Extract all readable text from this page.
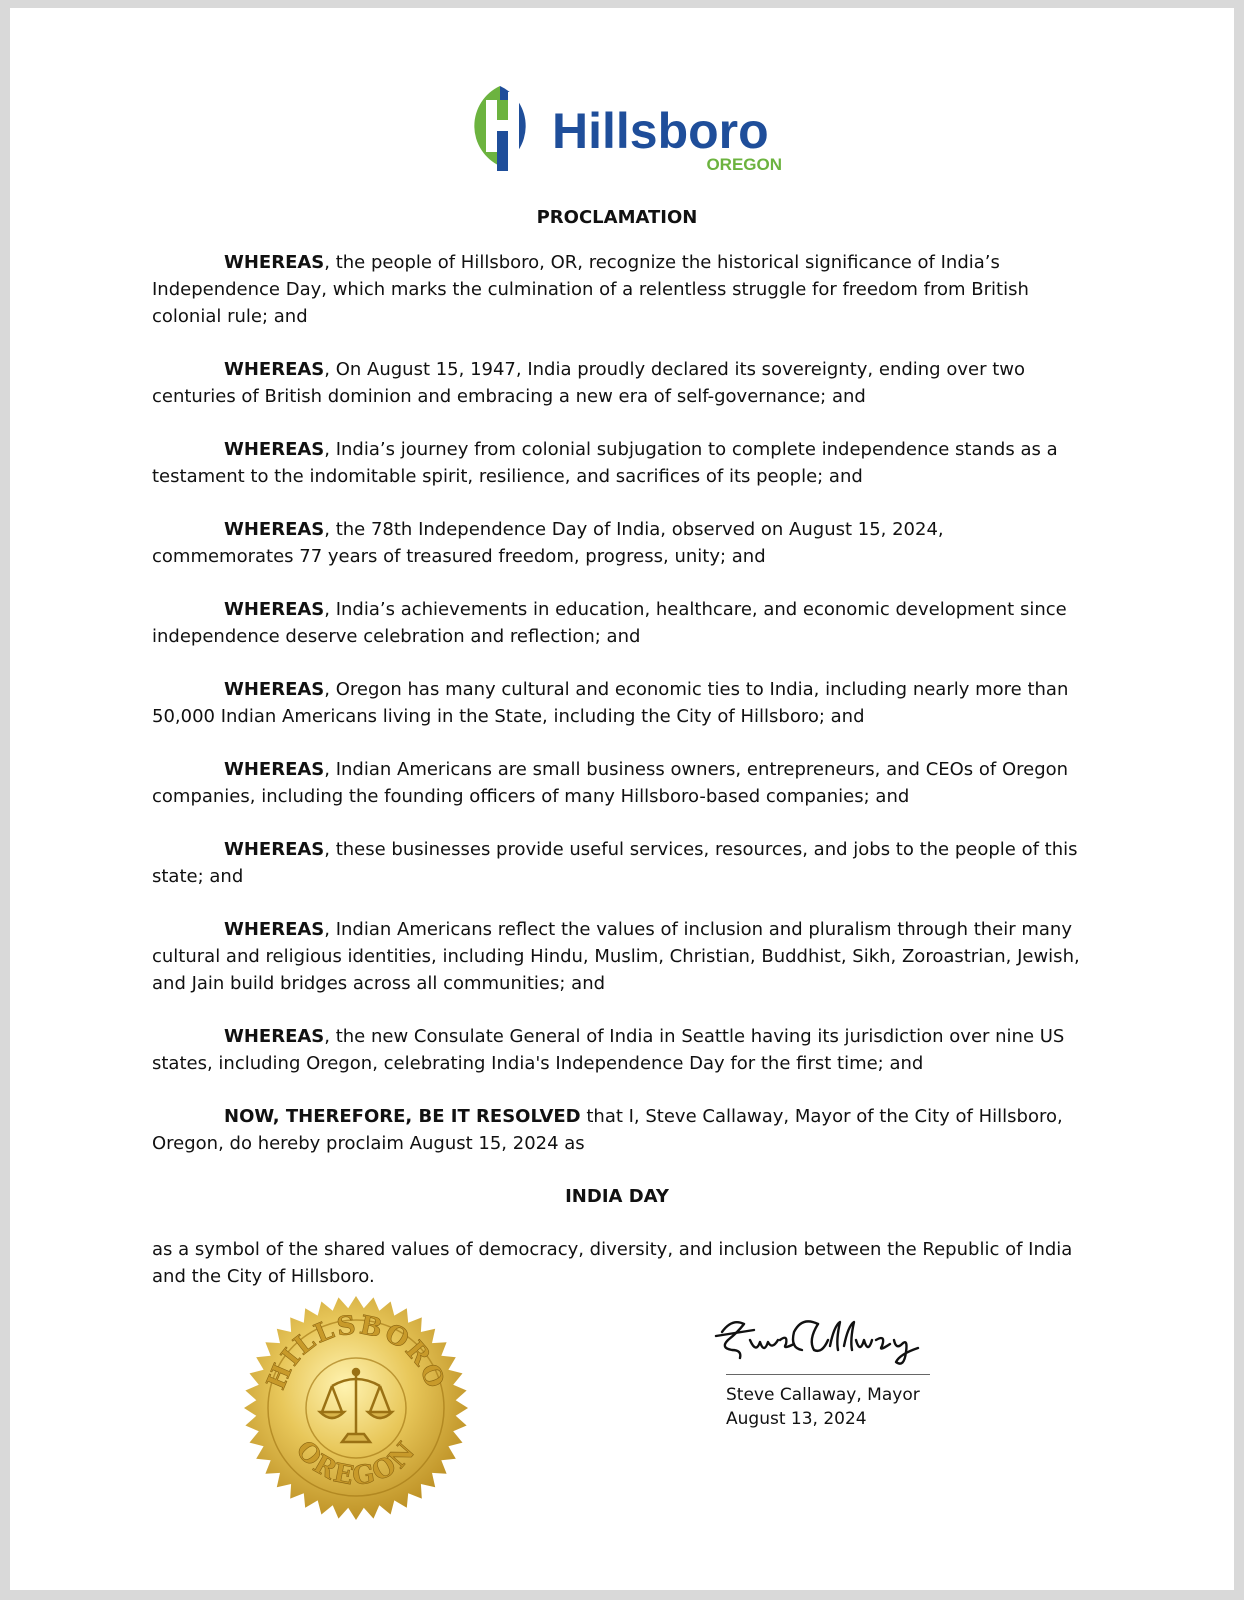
Hillsboro
OREGON
PROCLAMATION

WHEREAS, the people of Hillsboro, OR, recognize the historical significance of India’s Independence Day, which marks the culmination of a relentless struggle for freedom from British colonial rule; and

WHEREAS, On August 15, 1947, India proudly declared its sovereignty, ending over two centuries of British dominion and embracing a new era of self-governance; and

WHEREAS, India’s journey from colonial subjugation to complete independence stands as a testament to the indomitable spirit, resilience, and sacrifices of its people; and

WHEREAS, the 78th Independence Day of India, observed on August 15, 2024, commemorates 77 years of treasured freedom, progress, unity; and

WHEREAS, India’s achievements in education, healthcare, and economic development since independence deserve celebration and reflection; and

WHEREAS, Oregon has many cultural and economic ties to India, including nearly more than 50,000 Indian Americans living in the State, including the City of Hillsboro; and

WHEREAS, Indian Americans are small business owners, entrepreneurs, and CEOs of Oregon companies, including the founding officers of many Hillsboro-based companies; and

WHEREAS, these businesses provide useful services, resources, and jobs to the people of this state; and

WHEREAS, Indian Americans reflect the values of inclusion and pluralism through their many cultural and religious identities, including Hindu, Muslim, Christian, Buddhist, Sikh, Zoroastrian, Jewish, and Jain build bridges across all communities; and

WHEREAS, the new Consulate General of India in Seattle having its jurisdiction over nine US states, including Oregon, celebrating India's Independence Day for the first time; and

NOW, THEREFORE, BE IT RESOLVED that I, Steve Callaway, Mayor of the City of Hillsboro, Oregon, do hereby proclaim August 15, 2024 as

INDIA DAY

as a symbol of the shared values of democracy, diversity, and inclusion between the Republic of India and the City of Hillsboro.

HILLSBORO
OREGON
Steve Callaway, Mayor
August 13, 2024
